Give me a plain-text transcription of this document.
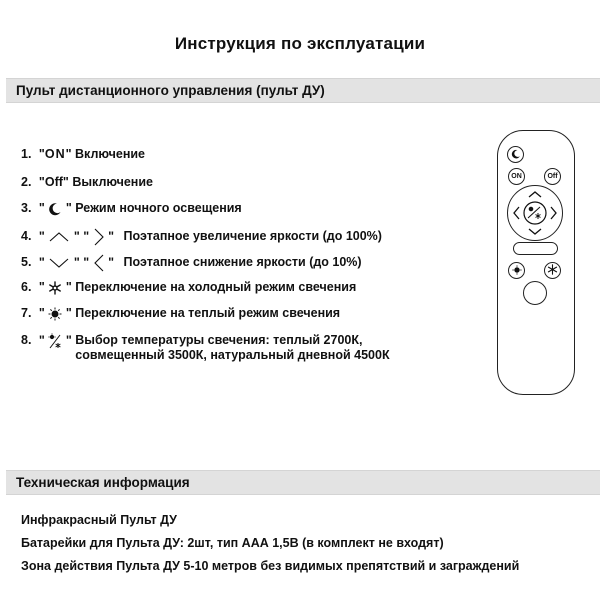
Инструкция по эксплуатации
Пульт дистанционного управления (пульт ДУ)
1. "ON" Включение
2. "Off" Выключение
3. " " Режим ночного освещения
4. " " " " Поэтапное увеличение яркости (до 100%)
5. " " " " Поэтапное снижение яркости (до 10%)
6. " " Переключение на холодный режим свечения
7. " " Переключение на теплый режим свечения
8. " " Выбор температуры свечения: теплый 2700К, совмещенный 3500К, натуральный дневной 4500К
ON	Off
Техническая информация
Инфракрасный Пульт ДУ
Батарейки для Пульта ДУ: 2шт, тип ААА 1,5В (в комплект не входят)
Зона действия Пульта ДУ 5-10 метров без видимых препятствий и заграждений
